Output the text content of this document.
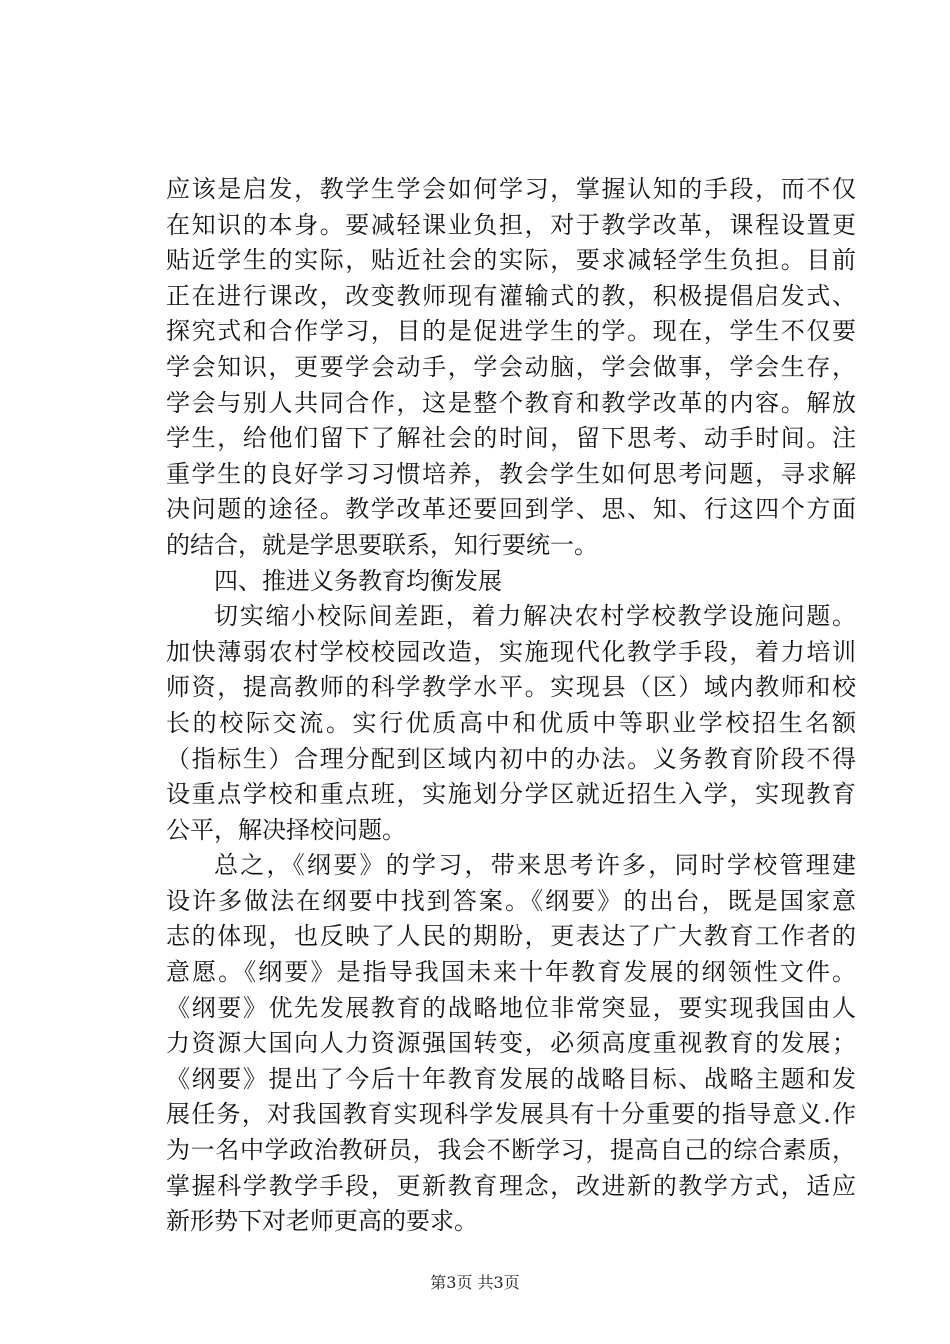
应该是启发，教学生学会如何学习，掌握认知的手段，而不仅
在知识的本身。要减轻课业负担，对于教学改革，课程设置更
贴近学生的实际，贴近社会的实际，要求减轻学生负担。目前
正在进行课改，改变教师现有灌输式的教，积极提倡启发式、
探究式和合作学习，目的是促进学生的学。现在，学生不仅要
学会知识，更要学会动手，学会动脑，学会做事，学会生存，
学会与别人共同合作，这是整个教育和教学改革的内容。解放
学生，给他们留下了解社会的时间，留下思考、动手时间。注
重学生的良好学习习惯培养，教会学生如何思考问题，寻求解
决问题的途径。教学改革还要回到学、思、知、行这四个方面
的结合，就是学思要联系，知行要统一。
四、推进义务教育均衡发展
切实缩小校际间差距，着力解决农村学校教学设施问题。
加快薄弱农村学校校园改造，实施现代化教学手段，着力培训
师资，提高教师的科学教学水平。实现县（区）域内教师和校
长的校际交流。实行优质高中和优质中等职业学校招生名额
（指标生）合理分配到区域内初中的办法。义务教育阶段不得
设重点学校和重点班，实施划分学区就近招生入学，实现教育
公平，解决择校问题。
总之，《纲要》的学习，带来思考许多，同时学校管理建
设许多做法在纲要中找到答案。《纲要》的出台，既是国家意
志的体现，也反映了人民的期盼，更表达了广大教育工作者的
意愿。《纲要》是指导我国未来十年教育发展的纲领性文件。
《纲要》优先发展教育的战略地位非常突显，要实现我国由人
力资源大国向人力资源强国转变，必须高度重视教育的发展；
《纲要》提出了今后十年教育发展的战略目标、战略主题和发
展任务，对我国教育实现科学发展具有十分重要的指导意义.作
为一名中学政治教研员，我会不断学习，提高自己的综合素质，
掌握科学教学手段，更新教育理念，改进新的教学方式，适应
新形势下对老师更高的要求。
第3页 共3页
